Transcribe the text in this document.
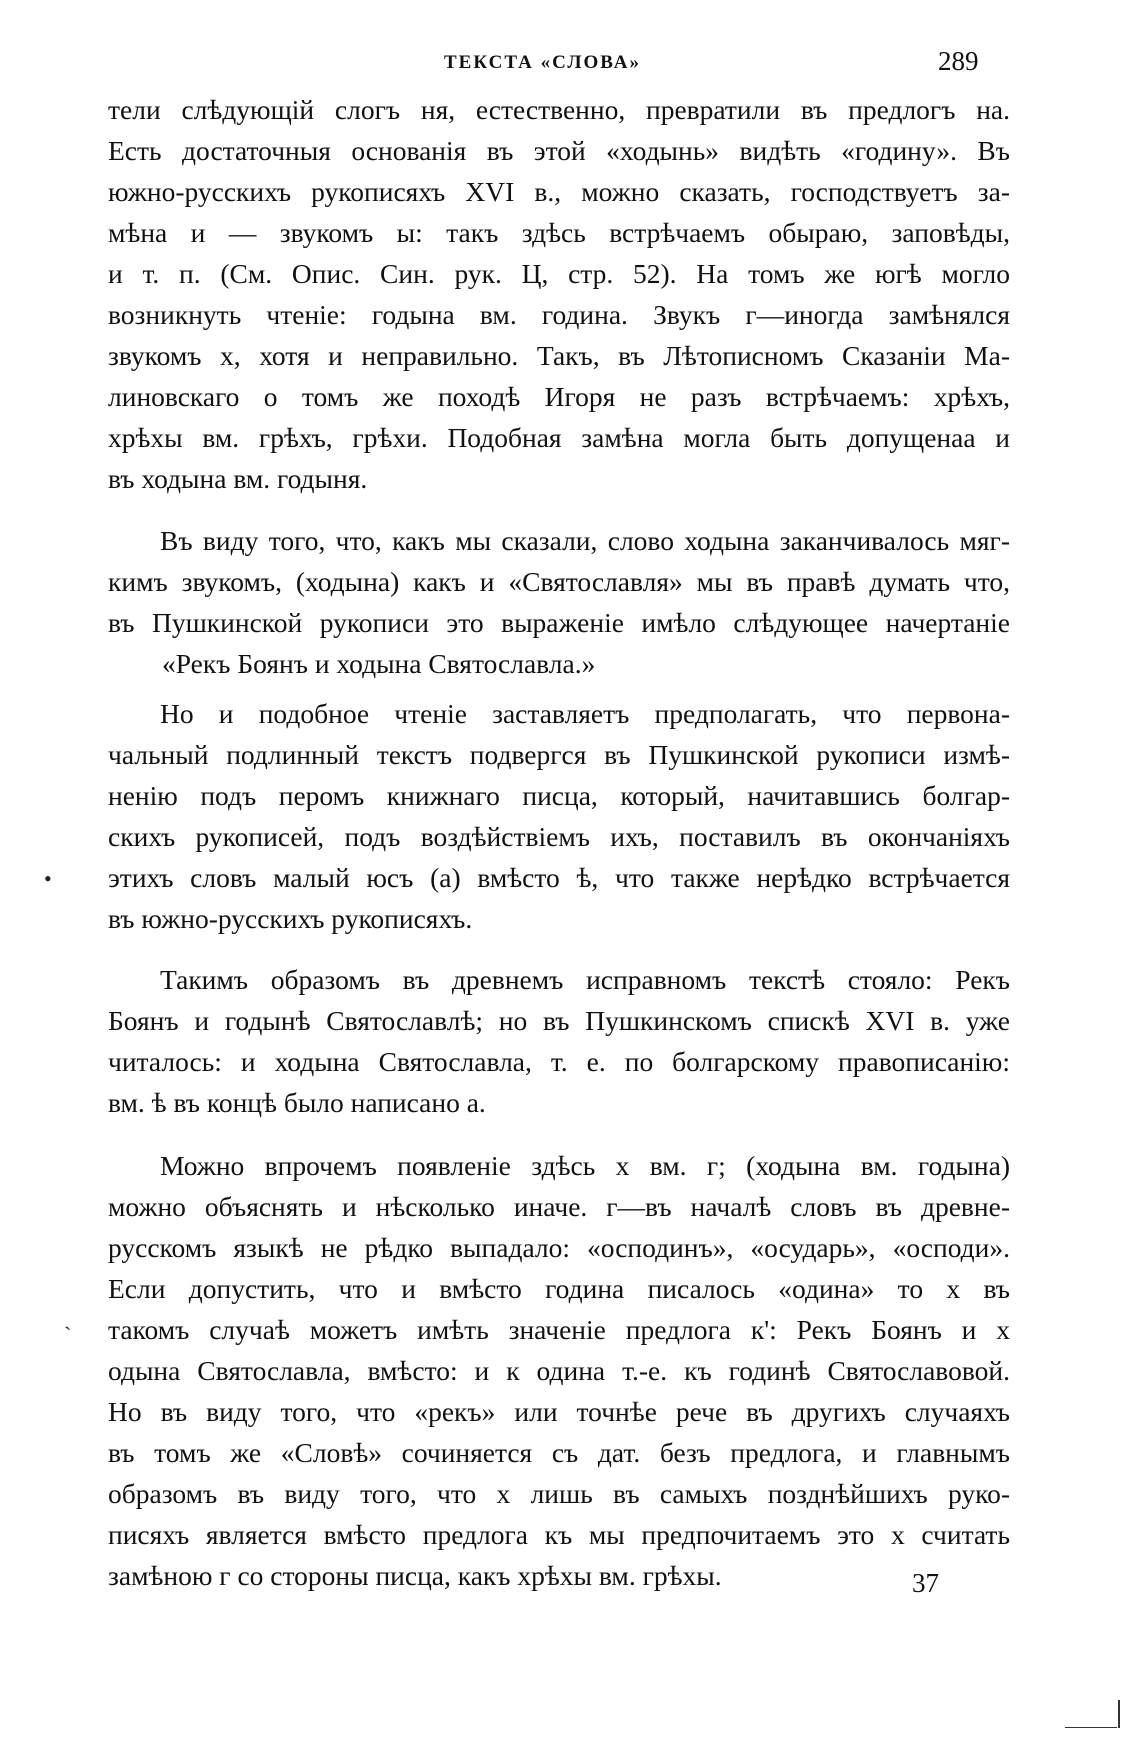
ТЕКСТА «СЛОВА»	289
тели слѣдующій слогъ ня, естественно, превратили въ предлогъ на.
Есть достаточныя основанія въ этой «ходынь» видѣть «годину». Въ
южно-русскихъ рукописяхъ XVI в., можно сказать, господствуетъ за-
мѣна и — звукомъ ы: такъ здѣсь встрѣчаемъ обыраю, заповѣды,
и т. п. (См. Опис. Син. рук. Ц, стр. 52). На томъ же югѣ могло
возникнуть чтеніе: годына вм. година. Звукъ г—иногда замѣнялся
звукомъ х, хотя и неправильно. Такъ, въ Лѣтописномъ Сказаніи Ма-
линовскаго о томъ же походѣ Игоря не разъ встрѣчаемъ: хрѣхъ,
хрѣхы вм. грѣхъ, грѣхи. Подобная замѣна могла быть допущенаа и
въ ходына вм. годыня.
Въ виду того, что, какъ мы сказали, слово ходына заканчивалось мяг-
кимъ звукомъ, (ходына) какъ и «Святославля» мы въ правѣ думать что,
въ Пушкинской рукописи это выраженіе имѣло слѣдующее начертаніе
«Рекъ Боянъ и ходына Святославла.»
Но и подобное чтеніе заставляетъ предполагать, что первона-
чальный подлинный текстъ подвергся въ Пушкинской рукописи измѣ-
ненію подъ перомъ книжнаго писца, который, начитавшись болгар-
скихъ рукописей, подъ воздѣйствіемъ ихъ, поставилъ въ окончаніяхъ
этихъ словъ малый юсъ (а) вмѣсто ѣ, что также нерѣдко встрѣчается
въ южно-русскихъ рукописяхъ.
Такимъ образомъ въ древнемъ исправномъ текстѣ стояло: Рекъ
Боянъ и годынѣ Святославлѣ; но въ Пушкинскомъ спискѣ XVI в. уже
читалось: и ходына Святославла, т. е. по болгарскому правописанію:
вм. ѣ въ концѣ было написано а.
Можно впрочемъ появленіе здѣсь х вм. г; (ходына вм. годына)
можно объяснять и нѣсколько иначе. г—въ началѣ словъ въ древне-
русскомъ языкѣ не рѣдко выпадало: «осподинъ», «осударь», «осподи».
Если допустить, что и вмѣсто година писалось «одина» то х въ
такомъ случаѣ можетъ имѣть значеніе предлога к': Рекъ Боянъ и х
одына Святославла, вмѣсто: и к одина т.-е. къ годинѣ Святославовой.
Но въ виду того, что «рекъ» или точнѣе рече въ другихъ случаяхъ
въ томъ же «Словѣ» сочиняется съ дат. безъ предлога, и главнымъ
образомъ въ виду того, что х лишь въ самыхъ позднѣйшихъ руко-
писяхъ является вмѣсто предлога къ мы предпочитаемъ это х считать
замѣною г со стороны писца, какъ хрѣхы вм. грѣхы.	37
•
ˋ
